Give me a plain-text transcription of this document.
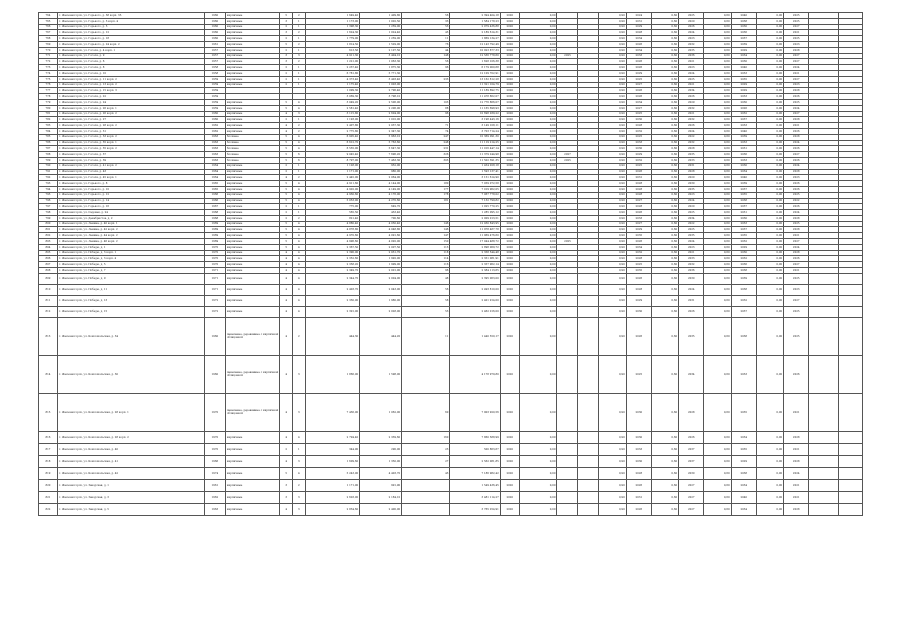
764	г. Железногорск, ул. Горького, д. 38 корп. 35	1960	кирпичные	5	2	1 649,40	1 409,80	56	2 394 404,18	2020	0,00			0,90	2024	0,60	2025	0,60	2040	0,00	2025		
765	г. Железногорск, ул. Горького, д. 3 корп. 4	1960	кирпичные	3	1	1 173,00	1 002,50	33	1 584 178,23	2020	0,00			0,90	2031	0,60	2020	0,60	2038	0,00	2025		
766	г. Железногорск, ул. Горького, д. 5	1960	кирпичные	2	1	1 398,30	1 259,00	53	2 079 436,88	2020	0,00			0,90	2029	0,60	2026	0,60	2030	0,00	2027		
767	г. Железногорск, ул. Горького, д. 12	1960	кирпичные	3	2	1 624,30	1 024,40	45	2 189 614,31	2020	0,00			0,90	2028	0,60	2024	0,60	2036	0,00	2021		
768	г. Железногорск, ул. Горького, д. 18	1960	кирпичные	2	1	1 779,00	1 259,00	11	1 869 134,27	2020	0,00			0,90	2034	0,60	2023	0,60	2037	0,00	2025		
769	г. Железногорск, ул. Горького, д. 24 корп. 2	1961	кирпичные	5	2	1 814,50	1 529,00	76	12 143 792,49	2020	0,00			0,90	2026	0,60	2032	0,60	2039	0,00	2023		
770	г. Железногорск, ул. Гоголя, д. 4 корп. 1	1957	кирпичные	2	1	613,56	2 107,50	44	10 923 877,33	2020	0,00			0,90	2034	0,60	2035	0,60	2029	0,00	2028		
771	г. Железногорск, ул. Гоголя, д. 9	1957	кирпичные	3	3	4 911,30	3 404,10	148	12 536 778,60	2020	0,00	2025		0,90	2033	0,60	2036	0,60	2034	0,00	2027		
772	г. Железногорск, ул. Гоголя, д. 6	1957	кирпичные	3	2	1 221,00	1 063,30	56	1 628 106,38	2020	0,00			0,90	2026	0,60	2021	0,60	2030	0,00	2027		
773	г. Железногорск, ул. Гоголя, д. 8	1958	кирпичные	2	1	2 237,40	1 875,30	96	6 179 000,68	2020	0,00			0,90	2026	0,60	2023	0,60	2040	0,00	2024		
774	г. Железногорск, ул. Гоголя, д. 10	1958	кирпичные	2	1	6 781,80	5 771,30		12 109 702,91	2020	0,00			0,90	2029	0,60	2024	0,60	2033	0,00	2021		
775	г. Железногорск, ул. Гоголя, д. 11 корп. 2	1959	кирпичные	2	1	4 373,40	3 403,40	233	13 162 812,28	2020	0,00			0,90	2025	0,60	2025	0,60	2035	0,00	2027		
776	г. Железногорск, ул. Гоголя, д. 13 корп. 2	1959	кирпичные	2	1	1 175,40	1 003,00		11 321 104,79	2020	0,00			0,90	2027	0,60	2021	0,60	2029	0,00	2023		
777	г. Железногорск, ул. Гоголя, д. 15 корп. 3	1959				1 099,30	2 796,40		11 189 892,75	2020	0,00			0,90	2026	0,60	2034	0,60	2029	0,00	2028		
778	г. Железногорск, ул. Гоголя, д. 22	1959				3 069,30	3 798,10		11 478 862,07	2020	0,00			0,90	2026	0,60	2026	0,60	2033	0,00	2026		
779	г. Железногорск, ул. Гоголя, д. 24	1959	кирпичные	5	4	3 049,20	2 506,00	103	12 776 866,07	2020	0,00			0,90	2034	0,60	2029	0,60	2030	0,00	2025		
780	г. Железногорск, ул. Гоголя, д. 26 корп. 1	1959	кирпичные	5	4	2 581,40	2 206,00	88	11 165 698,93	2020	0,00			0,90	2027	0,60	2032	0,60	2026	0,00	2024		
781	г. Железногорск, ул. Гоголя, д. 26 корп. 2	1960	кирпичные	4	3	3 115,80	2 604,00	96	10 698 039,22	2020	0,00			0,90	2025	0,60	2021	0,60	2032	0,00	2027		
782	г. Железногорск, ул. Гоголя, д. 27	1960	кирпичные	2	1	1 193,00	1 010,00		3 198 443,16	2020	0,00			0,90	2030	0,60	2032	0,60	2037	0,00	2028		
783	г. Железногорск, ул. Гоголя, д. 28 корп. 2	1962	кирпичные	4	2	2 407,80	2 037,30	71	3 149 108,11	2020	0,00			0,90	2028	0,60	2026	0,60	2033	0,00	2021		
784	г. Железногорск, ул. Гоголя, д. 31	1962	кирпичные	4	2	2 775,80	2 347,30	74	3 703 714,24	2020	0,00			0,90	2032	0,60	2024	0,60	2040	0,00	2026		
785	г. Железногорск, ул. Гоголя, д. 33 корп. 2	1963	блочные	5	4	6 905,40	5 963,10	247	10 369 091,30	2020	0,00			0,90	2025	0,60	2022	0,60	2039	0,00	2028		
786	г. Железногорск, ул. Гоголя, д. 35 корп. 1	1963	блочные	5	4	6 612,70	5 763,60	248	11 119 214,25	2020	0,00			0,90	2033	0,60	2032	0,60	2033	0,00	2024		
787	г. Железногорск, ул. Гоголя, д. 35 корп. 2	1963	блочные	5	4	6 535,00	5 647,30	231	11 016 447,14	2020	0,00			0,90	2030	0,60	2028	0,60	2031	0,00	2026		
788	г. Железногорск, ул. Гоголя, д. 37	1963	блочные	5	6	9 045,40	7 696,20	326	11 379 244,98	2020	0,00	2027		0,90	2029	0,60	2035	0,60	2036	0,00	2027		
789	г. Железногорск, ул. Гоголя, д. 39	1963	блочные	5	6	8 797,00	7 463,30	303	11 502 391,35	2020	0,00	2025		0,90	2032	0,60	2033	0,60	2033	0,00	2026		
790	г. Железногорск, ул. Гоголя, д. 41 корп. 2	1964	кирпичные	2	1	1 128,00	952,00		1 454 028,18	2020	0,00			0,90	2025	0,60	2031	0,60	2030	0,00	2024		
791	г. Железногорск, ул. Гоголя, д. 43	1964	кирпичные	2	1	1 171,00	980,00		1 593 137,41	2020	0,00			0,90	2026	0,60	2028	0,60	2034	0,00	2028		
792	г. Железногорск, ул. Гоголя, д. 45 корп. 1	1964	кирпичные	4	2	2 445,00	2 064,00		3 151 614,90	2020	0,00			0,90	2031	0,60	2020	0,60	2040	0,00	2023		
793	г. Железногорск, ул. Горького, д. 8	1965	кирпичные	5	4	4 911,60	4 144,00	180	7 059 072,58	2020	0,00			0,90	2028	0,60	2030	0,60	2039	0,00	2026		
794	г. Железногорск, ул. Горького, д. 10	1965	кирпичные	5	4	4 902,00	4 149,00	177	7 019 962,05	2020	0,00			0,90	2028	0,60	2035	0,60	2037	0,00	2026		
795	г. Железногорск, ул. Горького, д. 12	1966	кирпичные	5	4	4 930,60	4 176,00	178	7 067 778,02	2020	0,00			0,90	2028	0,60	2023	0,60	2035	0,00	2025		
796	г. Железногорск, ул. Горького, д. 14	1966	кирпичные	5	4	5 053,00	4 270,60	181	7 132 799,82	2020	0,00			0,90	2027	0,60	2024	0,60	2038	0,00	2022		
797	г. Железногорск, ул. Горького, д. 16	1967	кирпичные	2	1	775,00	649,70		1 025 770,25	2020	0,00			0,90	2028	0,60	2020	0,60	2037	0,00	2026		
798	г. Железногорск, ул. Садовая, д. 24	1968	кирпичные	2	1	565,50	433,40		1 285 095,12	2020	0,00			0,90	2026	0,60	2025	0,60	2031	0,00	2024		
799	г. Железногорск, ул. Декабристов, д. 2	1968	кирпичные	2	2	821,40	700,60		2 009 013,51	2020	0,00			0,90	2033	0,60	2034	0,60	2030	0,00	2028		
800	г. Железногорск, ул. Ленина, д. 40 корп. 1	1969	кирпичные	5	4	4 880,40	4 050,40	146	12 030 843,95	2020	0,00			0,90	2027	0,60	2022	0,60	2033	0,00	2025		
801	г. Железногорск, ул. Ленина, д. 42 корп. 2	1969	кирпичные	5	4	4 878,80	4 048,80	146	11 978 487,78	2020	0,00			0,90	2029	0,60	2025	0,60	2037	0,00	2028		
802	г. Железногорск, ул. Ленина, д. 44 корп. 2	1969	кирпичные	5	4	4 970,60	4 091,60	147	11 969 476,60	2020	0,00			0,90	2035	0,60	2035	0,60	2035	0,00	2021		
803	г. Железногорск, ул. Ленина, д. 46 корп. 2	1969	кирпичные	5	4	4 996,60	4 092,00	150	17 044 488,72	2020	0,00	2025		0,90	2026	0,60	2024	0,60	2032	0,00	2027		
804	г. Железногорск, ул. Победы, д. 1	1970	кирпичные	5	4	2 367,50	2 007,50	113	2 898 069,72	2020	0,00			0,90	2034	0,60	2023	0,60	2029	0,00	2024		
805	г. Железногорск, ул. Победы, д. 3 корп. 1	1970	кирпичные	4	4	2 390,00	2 031,70	118	2 358 544,48	2020	0,00			0,90	2032	0,60	2021	0,60	2030	0,00	2028		
806	г. Железногорск, ул. Победы, д. 3 корп. 4	1970	кирпичные	4	4	2 352,60	1 992,00	114	2 351 081,91	2020	0,00			0,90	2028	0,60	2033	0,60	2032	0,00	2026		
807	г. Железногорск, ул. Победы, д. 5	1970	кирпичные	4	4	2 358,20	1 999,00	116	2 357 962,14	2020	0,00			0,90	2025	0,60	2032	0,60	2036	0,00	2027		
808	г. Железногорск, ул. Победы, д. 7	1971	кирпичные	4	4	2 349,70	2 001,00	96	2 384 113,65	2020	0,00			0,90	2035	0,60	2036	0,60	2038	0,00	2021		
809	г. Железногорск, ул. Победы, д. 9	1971	кирпичные	4	4	2 344,70	2 004,00	48	2 395 063,00	2020	0,00			0,90	2026	0,60	2030	0,60	2039	0,00	2025		
810	г. Железногорск, ул. Победы, д. 11	1971	кирпичные	4	4	2 403,70	2 043,00	56	2 493 810,00	2020	0,00			0,90	2028	0,60	2024	0,60	2038	0,00	2023		
811	г. Железногорск, ул. Победы, д. 13	1972	кирпичные	4	4	2 330,00	1 980,00	58	2 401 914,00	2020	0,00			0,90	2029	0,60	2031	0,60	2032	0,00	2027		
812	г. Железногорск, ул. Победы, д. 15	1972	кирпичные	4	4	2 391,00	2 028,00	53	2 462 016,00	2020	0,00			0,90	2030	0,60	2026	0,60	2037	0,00	2025		
813	г. Железногорск, ул. Комсомольская, д. 34	1960	панельные, деревянные с кирпичной облицовкой	4	2	444,30	444,20	11	1 440 550,17	2020	0,00			0,90	2026	0,60	2035	0,60	2038	0,00	2025		
814	г. Железногорск, ул. Комсомольская, д. 30	1960	панельные, деревянные с кирпичной облицовкой	4	3	1 866,00	1 598,00		4 178 979,80	2020	0,00			0,90	2025	0,60	2034	0,60	2033	0,00	2026		
815	г. Железногорск, ул. Комсомольская, д. 28 корп. 1	1970	панельные, деревянные с кирпичной облицовкой	4	3	7 436,00	1 062,00	60	7 903 920,56	2020	0,00			0,90	2030	0,60	2028	0,60	2035	0,00	2021		
816	г. Железногорск, ул. Комсомольская, д. 28 корп. 2	1970	кирпичные	4	4	2 794,40	2 339,60	160	7 860 588,99	2020	0,00			0,90	2030	0,60	2026	0,60	2034	0,00	2028		
817	г. Железногорск, ул. Комсомольская, д. 40	1970	кирпичные	2	1	344,90	290,00	23	500 863,67	2020	0,00			0,90	2033	0,60	2037	0,60	2035	0,00	2021		
818	г. Железногорск, ул. Комсомольская, д. 41	1966	кирпичные	4	3	1 609,60	1 350,00	27	2 562 081,85	2020	0,00			0,90	2030	0,60	2037	0,60	2029	0,00	2028		
819	г. Железногорск, ул. Комсомольская, д. 42	1974	кирпичные	5	4	5 243,00	4 403,70	43	7 186 982,42	2020	0,00			0,90	2028	0,60	2030	0,60	2038	0,00	2024		
820	г. Железногорск, ул. Заводская, д. 1	1961	кирпичные	3	2	1 171,00	991,90		1 549 436,45	2020	0,00			0,90	2026	0,60	2027	0,60	2034	0,00	2021		
821	г. Железногорск, ул. Заводская, д. 3	1962	кирпичные	3	3	2 603,00	2 184,10		3 481 114,27	2020	0,00			0,90	2031	0,60	2027	0,60	2040	0,00	2021		
822	г. Железногорск, ул. Заводская, д. 5	1963	кирпичные	4	3	2 834,60	2 400,00		3 765 254,91	2020	0,00			0,90	2026	0,60	2027	0,60	2034	0,00	2028		
